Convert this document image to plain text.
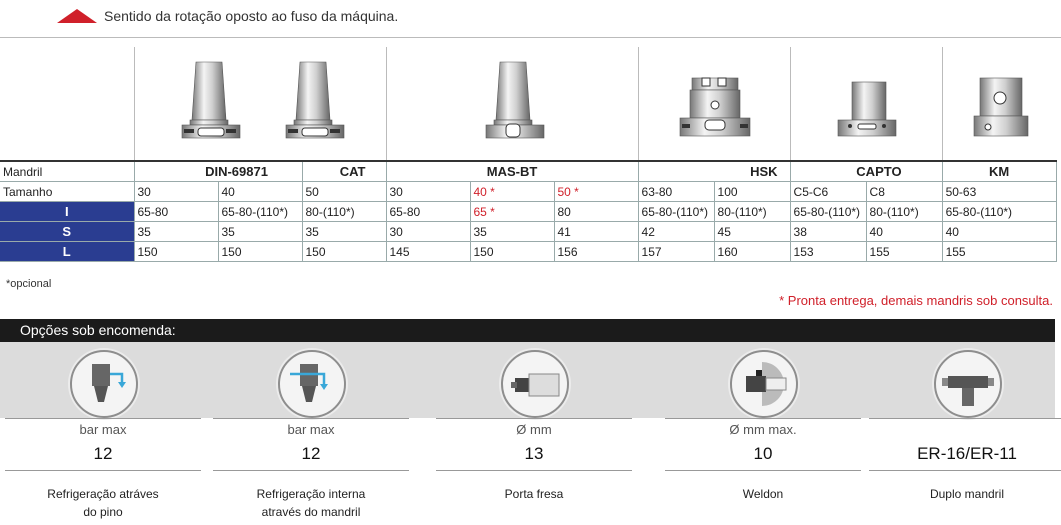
Sentido da rotação oposto ao fuso da máquina.
Mandril	DIN-69871		CAT	MAS-BT			HSK		CAPTO		KM
Tamanho	30	40	50	30	40 *	50 *	63-80	100	C5-C6	C8	50-63
I	65-80	65-80-(110*)	80-(110*)	65-80	65 *	80	65-80-(110*)	80-(110*)	65-80-(110*)	80-(110*)	65-80-(110*)
S	35	35	35	30	35	41	42	45	38	40	40
L	150	150	150	145	150	156	157	160	153	155	155
*opcional
* Pronta entrega, demais mandris sob consulta.
Opções sob encomenda:
bar max
12
Refrigeração atráves
do pino
bar max
12
Refrigeração interna
através do mandril
Ø mm
13
Porta fresa
Ø mm max.
10
Weldon
ER-16/ER-11
Duplo mandril
